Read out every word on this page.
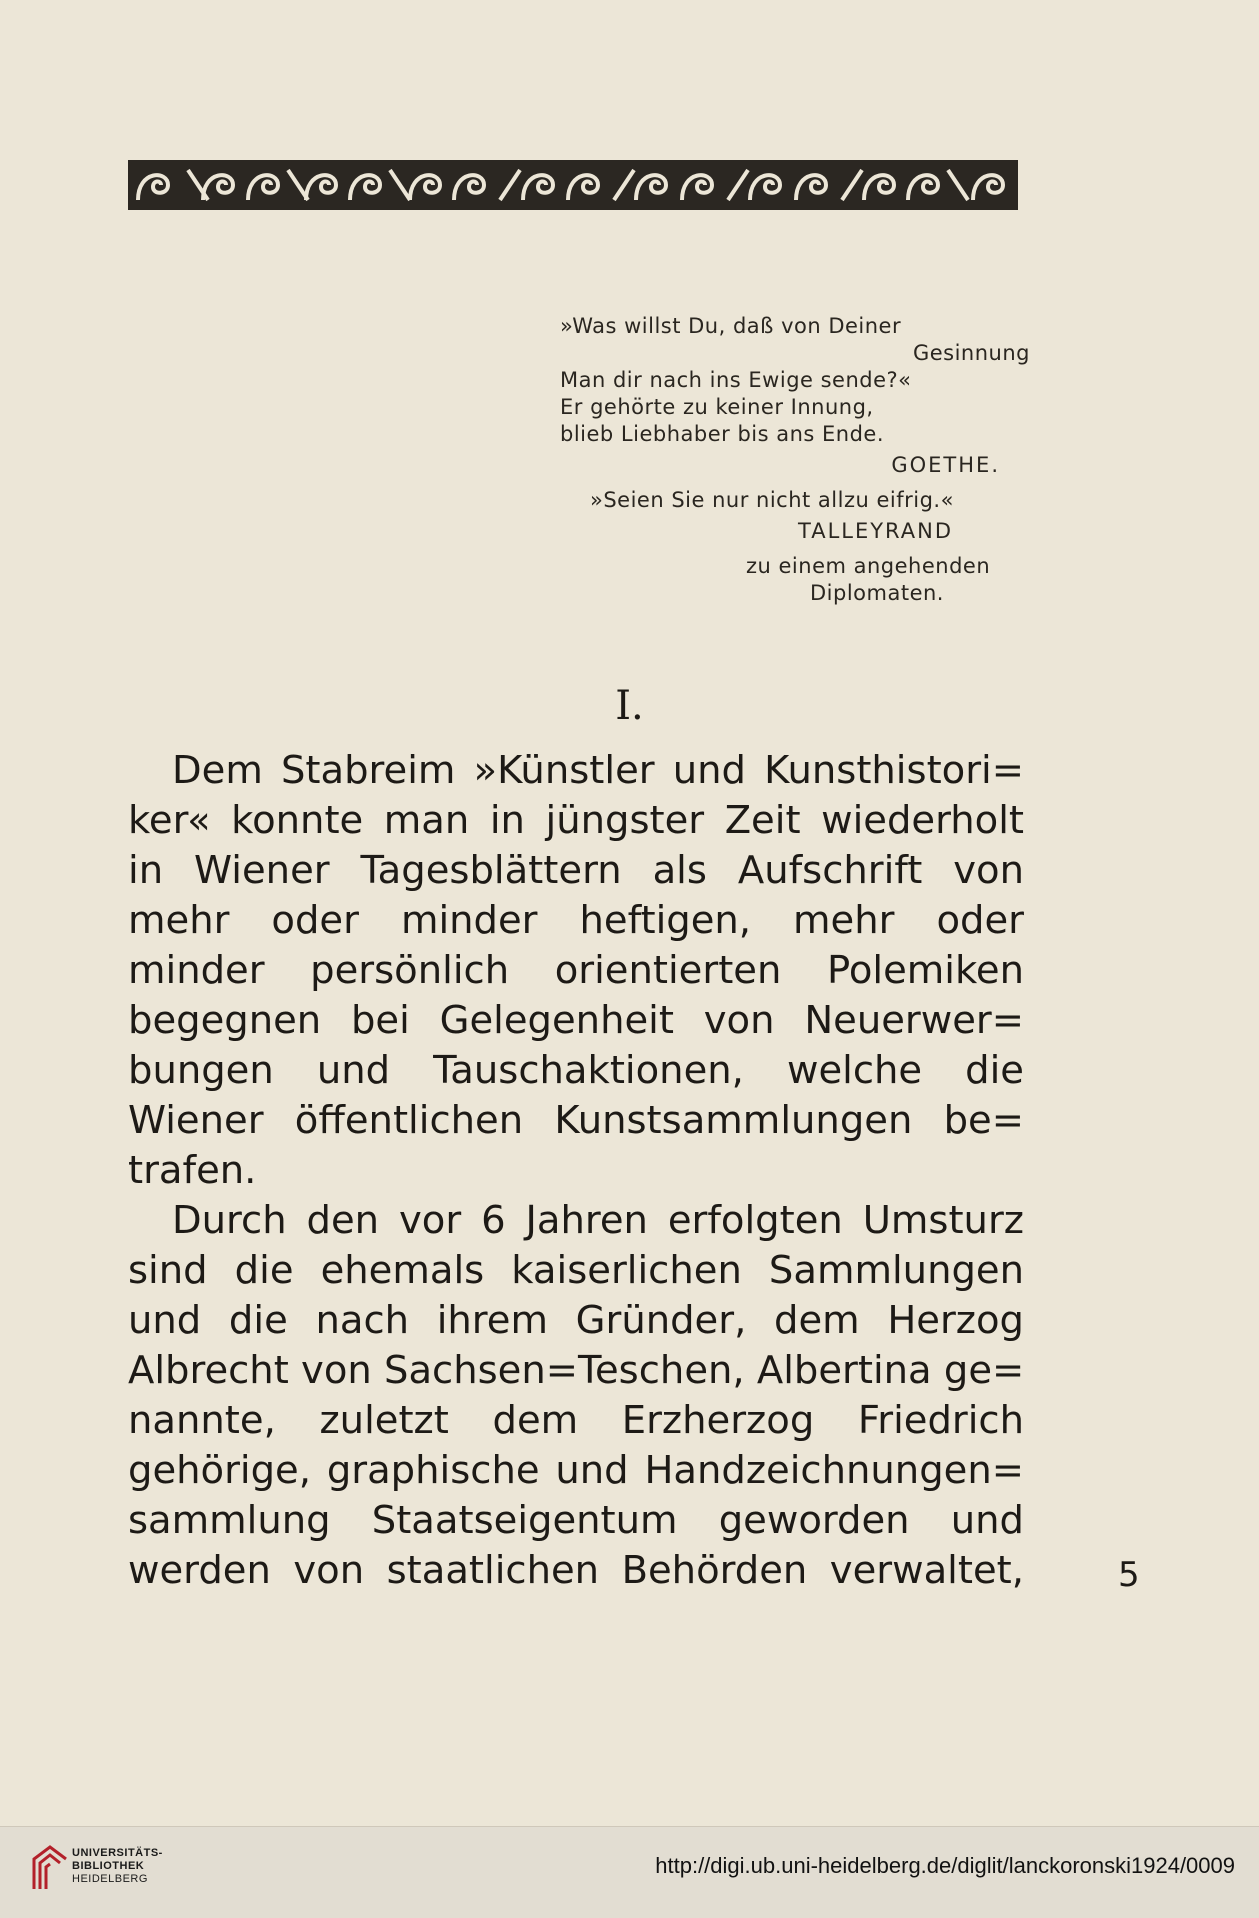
»Was willst Du, daß von Deiner
Gesinnung
Man dir nach ins Ewige sende?«
Er gehörte zu keiner Innung,
blieb Liebhaber bis ans Ende.
GOETHE.
»Seien Sie nur nicht allzu eifrig.«
TALLEYRAND
zu einem angehenden
Diplomaten.
I.
Dem Stabreim »Künstler und Kunsthistori=
ker« konnte man in jüngster Zeit wiederholt
in Wiener Tagesblättern als Aufschrift von
mehr oder minder heftigen, mehr oder
minder persönlich orientierten Polemiken
begegnen bei Gelegenheit von Neuerwer=
bungen und Tauschaktionen, welche die
Wiener öffentlichen Kunstsammlungen be=
trafen.
Durch den vor 6 Jahren erfolgten Umsturz
sind die ehemals kaiserlichen Sammlungen
und die nach ihrem Gründer, dem Herzog
Albrecht von Sachsen=Teschen, Albertina ge=
nannte, zuletzt dem Erzherzog Friedrich
gehörige, graphische und Handzeichnungen=
sammlung Staatseigentum geworden und
werden von staatlichen Behörden verwaltet,	5
UNIVERSITÄTS-
BIBLIOTHEK
HEIDELBERG
http://digi.ub.uni-heidelberg.de/diglit/lanckoronski1924/0009
